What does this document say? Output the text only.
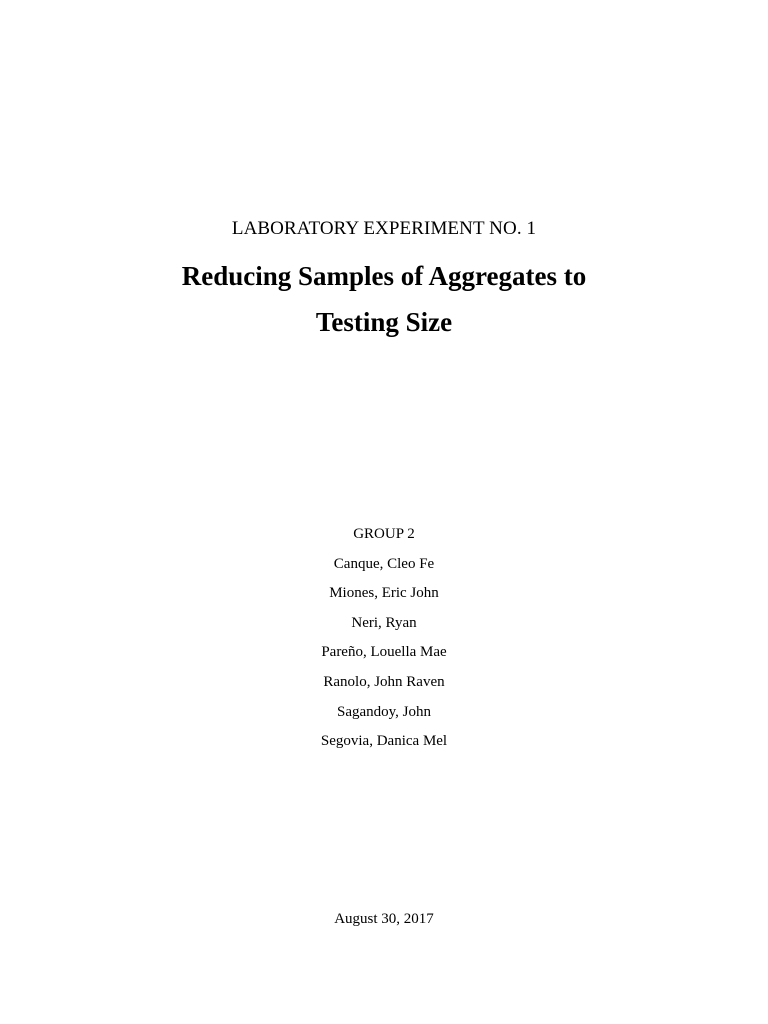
LABORATORY EXPERIMENT NO. 1
Reducing Samples of Aggregates to
Testing Size
GROUP 2
Canque, Cleo Fe
Miones, Eric John
Neri, Ryan
Pareño, Louella Mae
Ranolo, John Raven
Sagandoy, John
Segovia, Danica Mel
August 30, 2017
